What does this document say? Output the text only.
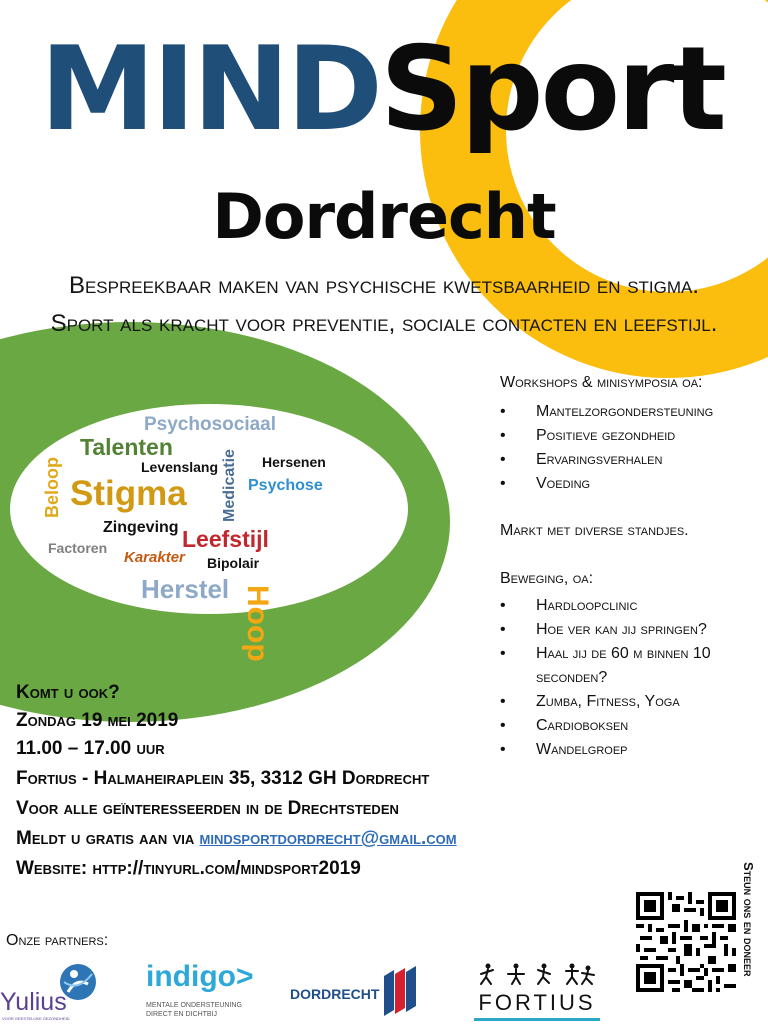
MINDSport
Dordrecht
Bespreekbaar maken van psychische kwetsbaarheid en stigma.
Sport als kracht voor preventie, sociale contacten en leefstijl.
Workshops & minisymposia oa:
• Mantelzorgondersteuning
• Positieve gezondheid
• Ervaringsverhalen
• Voeding
Markt met diverse standjes.
Beweging, oa:
• Hardloopclinic
• Hoe ver kan jij springen?
• Haal jij de 60 m binnen 10 seconden?
• Zumba, Fitness, Yoga
• Cardioboksen
• Wandelgroep
Psychosociaal
Talenten
Levenslang Medicatie Hersenen
Beloop Stigma	Psychose
Zingeving
Factoren	Leefstijl
Hoop
Karakter Bipolair
Herstel
Komt u ook?
Zondag 19 mei 2019
11.00 – 17.00 uur
Fortius - Halmaheiraplein 35, 3312 GH Dordrecht
Voor alle geïnteresseerden in de Drechtsteden
Meldt u gratis aan via mindsportdordrecht@gmail.com
Website: http://tinyurl.com/mindsport2019	Steun ons en doneer
Onze partners:
Yulius
VOOR GEESTELIJKE GEZONDHEID
indigo>
MENTALE ONDERSTEUNING
DIRECT EN DICHTBIJ
DORDRECHT	FORTIUS
